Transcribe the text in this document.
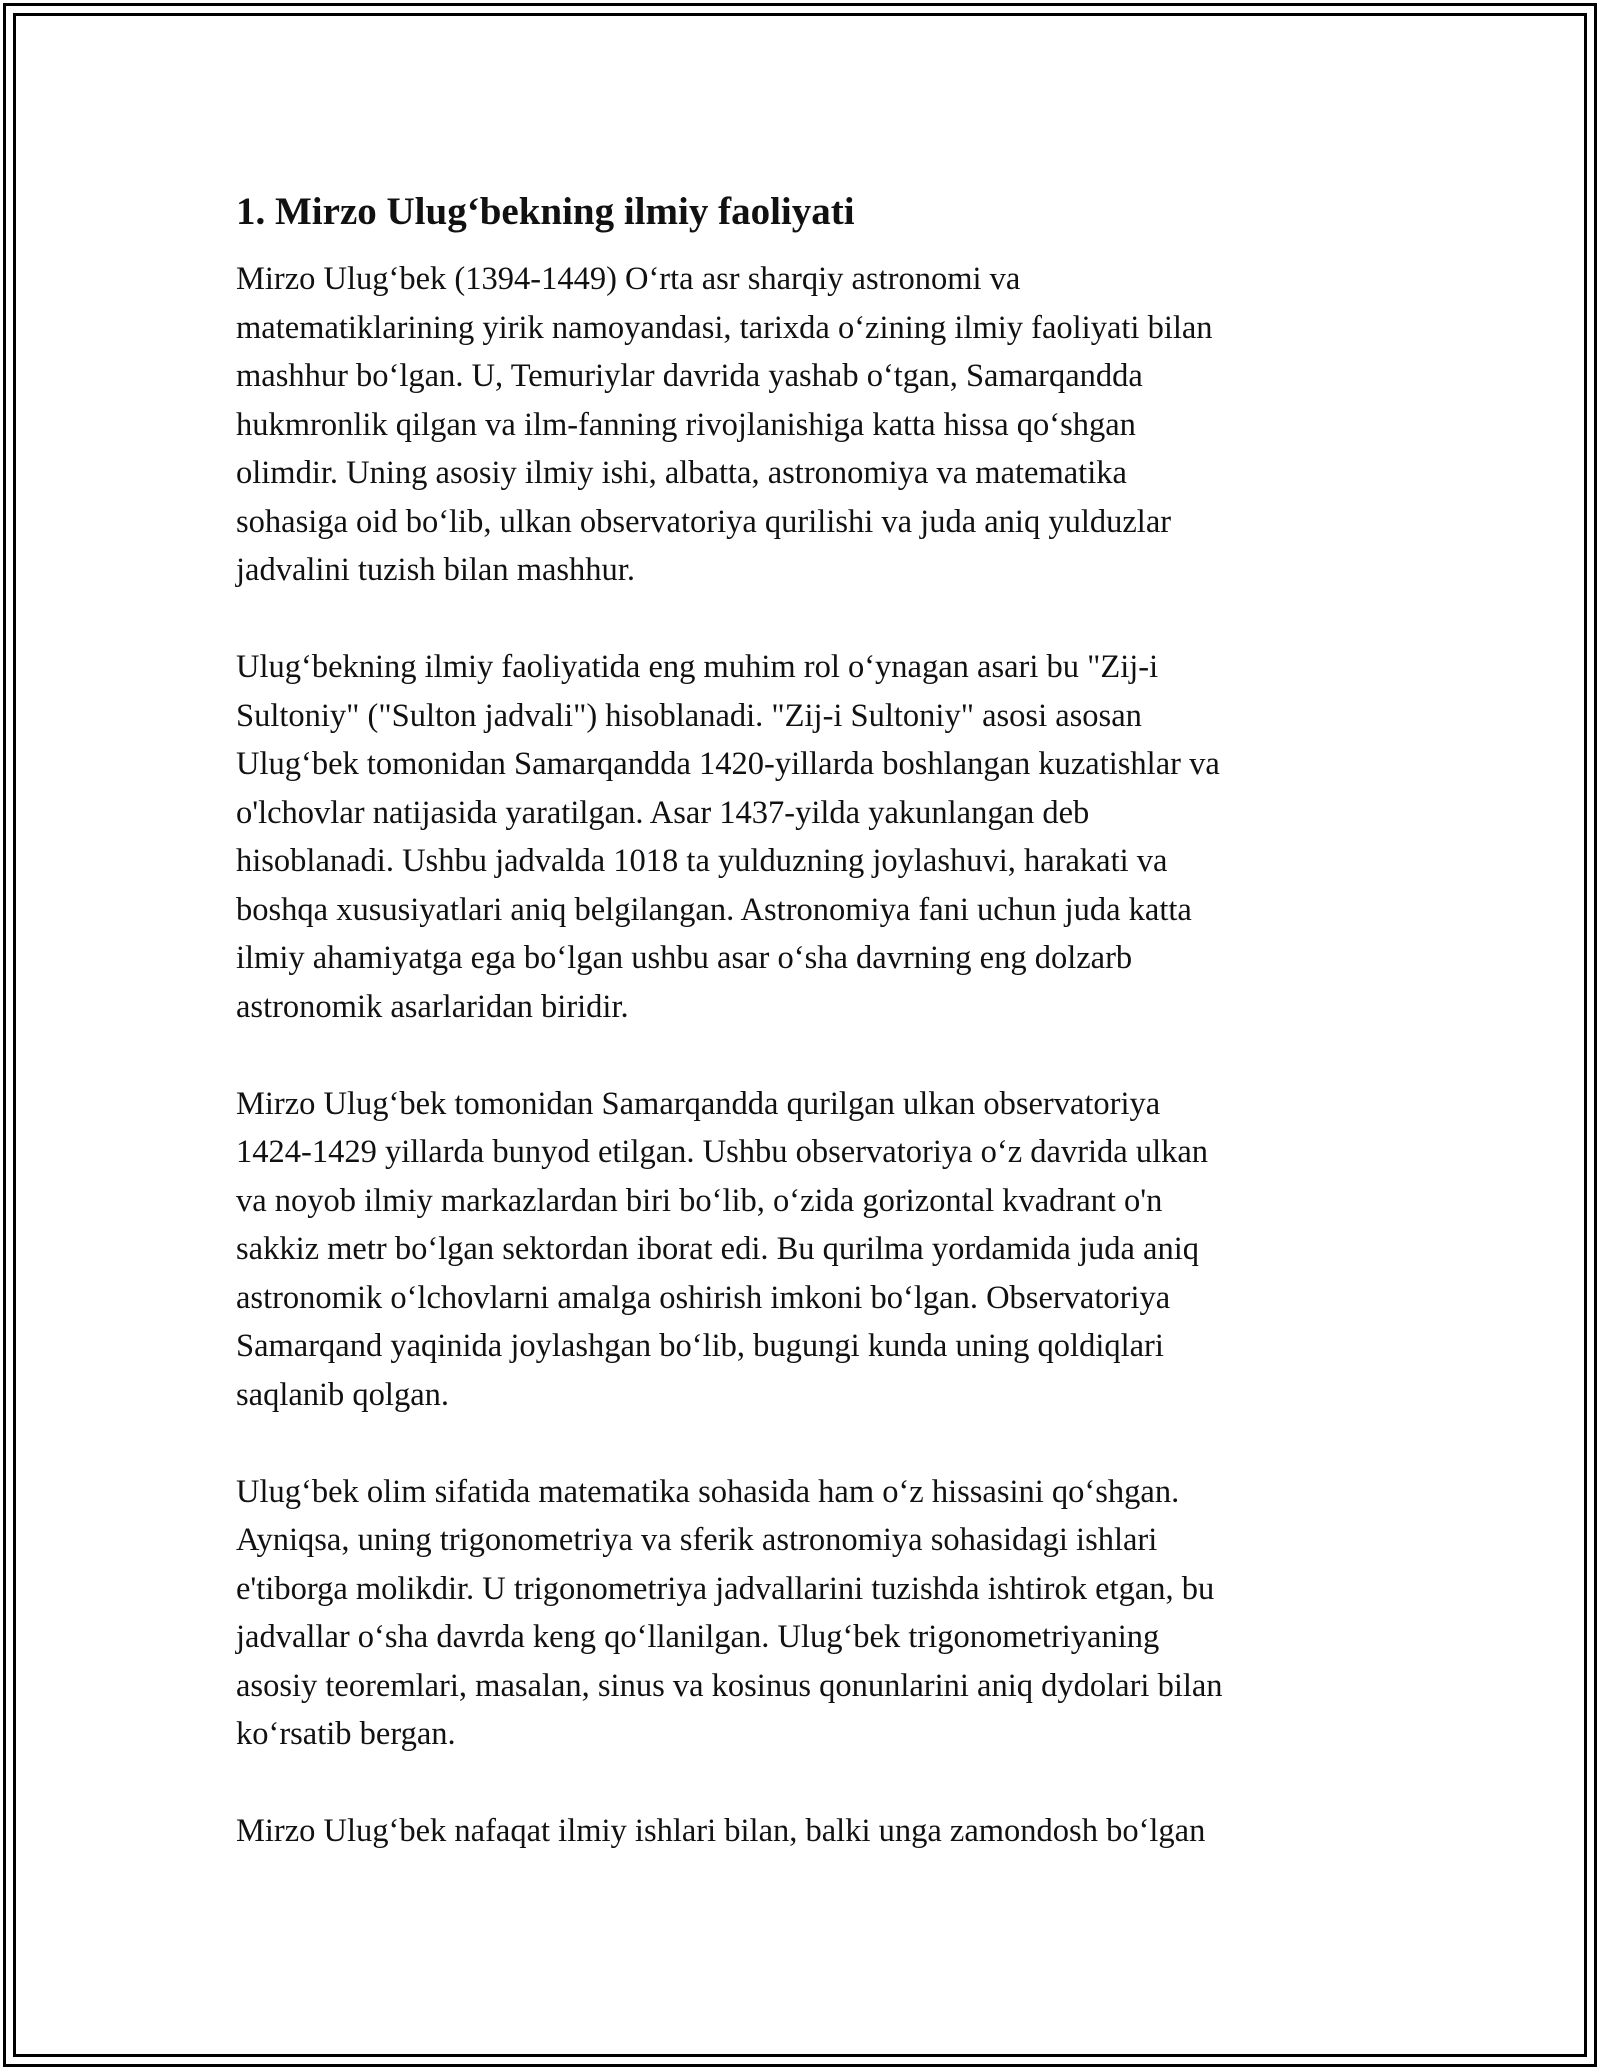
1. Mirzo Ulug‘bekning ilmiy faoliyati

Mirzo Ulug‘bek (1394-1449) O‘rta asr sharqiy astronomi va
matematiklarining yirik namoyandasi, tarixda o‘zining ilmiy faoliyati bilan
mashhur bo‘lgan. U, Temuriylar davrida yashab o‘tgan, Samarqandda
hukmronlik qilgan va ilm-fanning rivojlanishiga katta hissa qo‘shgan
olimdir. Uning asosiy ilmiy ishi, albatta, astronomiya va matematika
sohasiga oid bo‘lib, ulkan observatoriya qurilishi va juda aniq yulduzlar
jadvalini tuzish bilan mashhur.

Ulug‘bekning ilmiy faoliyatida eng muhim rol o‘ynagan asari bu "Zij-i
Sultoniy" ("Sulton jadvali") hisoblanadi. "Zij-i Sultoniy" asosi asosan
Ulug‘bek tomonidan Samarqandda 1420-yillarda boshlangan kuzatishlar va
o'lchovlar natijasida yaratilgan. Asar 1437-yilda yakunlangan deb
hisoblanadi. Ushbu jadvalda 1018 ta yulduzning joylashuvi, harakati va
boshqa xususiyatlari aniq belgilangan. Astronomiya fani uchun juda katta
ilmiy ahamiyatga ega bo‘lgan ushbu asar o‘sha davrning eng dolzarb
astronomik asarlaridan biridir.

Mirzo Ulug‘bek tomonidan Samarqandda qurilgan ulkan observatoriya
1424-1429 yillarda bunyod etilgan. Ushbu observatoriya o‘z davrida ulkan
va noyob ilmiy markazlardan biri bo‘lib, o‘zida gorizontal kvadrant o'n
sakkiz metr bo‘lgan sektordan iborat edi. Bu qurilma yordamida juda aniq
astronomik o‘lchovlarni amalga oshirish imkoni bo‘lgan. Observatoriya
Samarqand yaqinida joylashgan bo‘lib, bugungi kunda uning qoldiqlari
saqlanib qolgan.

Ulug‘bek olim sifatida matematika sohasida ham o‘z hissasini qo‘shgan.
Ayniqsa, uning trigonometriya va sferik astronomiya sohasidagi ishlari
e'tiborga molikdir. U trigonometriya jadvallarini tuzishda ishtirok etgan, bu
jadvallar o‘sha davrda keng qo‘llanilgan. Ulug‘bek trigonometriyaning
asosiy teoremlari, masalan, sinus va kosinus qonunlarini aniq dydolari bilan
ko‘rsatib bergan.

Mirzo Ulug‘bek nafaqat ilmiy ishlari bilan, balki unga zamondosh bo‘lgan
